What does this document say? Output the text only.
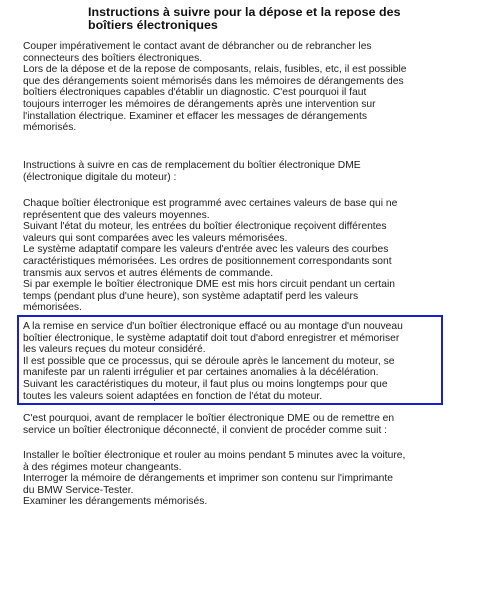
Instructions à suivre pour la dépose et la repose des
boîtiers électroniques
Couper impérativement le contact avant de débrancher ou de rebrancher les
connecteurs des boîtiers électroniques.
Lors de la dépose et de la repose de composants, relais, fusibles, etc, il est possible
que des dérangements soient mémorisés dans les mémoires de dérangements des
boîtiers électroniques capables d'établir un diagnostic. C'est pourquoi il faut
toujours interroger les mémoires de dérangements après une intervention sur
l'installation électrique. Examiner et effacer les messages de dérangements
mémorisés.
Instructions à suivre en cas de remplacement du boîtier électronique DME
(électronique digitale du moteur) :
Chaque boîtier électronique est programmé avec certaines valeurs de base qui ne
représentent que des valeurs moyennes.
Suivant l'état du moteur, les entrées du boîtier électronique reçoivent différentes
valeurs qui sont comparées avec les valeurs mémorisées.
Le système adaptatif compare les valeurs d'entrée avec les valeurs des courbes
caractéristiques mémorisées. Les ordres de positionnement correspondants sont
transmis aux servos et autres éléments de commande.
Si par exemple le boîtier électronique DME est mis hors circuit pendant un certain
temps (pendant plus d'une heure), son système adaptatif perd les valeurs
mémorisées.
A la remise en service d'un boîtier électronique effacé ou au montage d'un nouveau
boîtier électronique, le système adaptatif doit tout d'abord enregistrer et mémoriser
les valeurs reçues du moteur considéré.
Il est possible que ce processus, qui se déroule après le lancement du moteur, se
manifeste par un ralenti irrégulier et par certaines anomalies à la décélération.
Suivant les caractéristiques du moteur, il faut plus ou moins longtemps pour que
toutes les valeurs soient adaptées en fonction de l'état du moteur.
C'est pourquoi, avant de remplacer le boîtier électronique DME ou de remettre en
service un boîtier électronique déconnecté, il convient de procéder comme suit :
Installer le boîtier électronique et rouler au moins pendant 5 minutes avec la voiture,
à des régimes moteur changeants.
Interroger la mémoire de dérangements et imprimer son contenu sur l'imprimante
du BMW Service-Tester.
Examiner les dérangements mémorisés.
